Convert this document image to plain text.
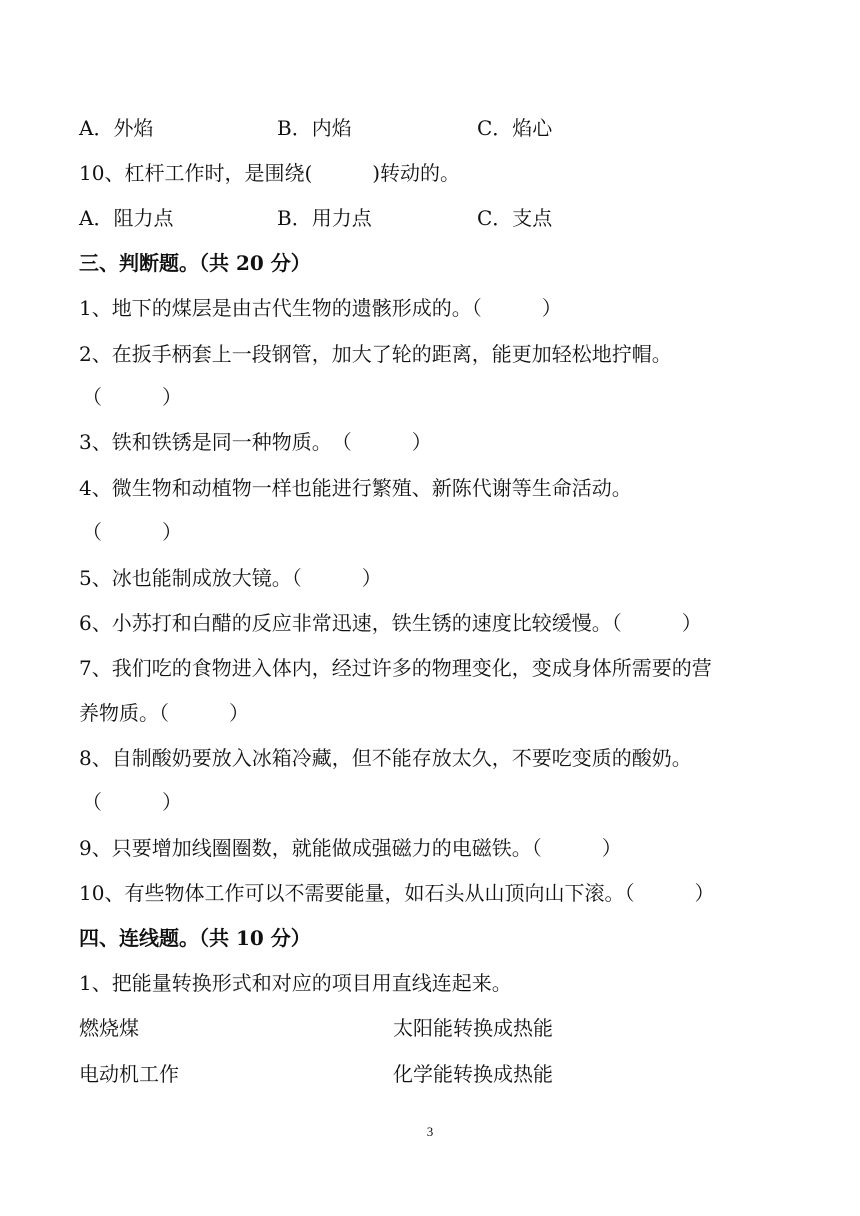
A．外焰	B．内焰	C．焰心
10、杠杆工作时，是围绕(　　　)转动的。
A．阻力点	B．用力点	C．支点
三、判断题。（共 20 分）
1、地下的煤层是由古代生物的遗骸形成的。（　　　）
2、在扳手柄套上一段钢管，加大了轮的距离，能更加轻松地拧帽。
（　　　）
3、铁和铁锈是同一种物质。　（　　　）
4、微生物和动植物一样也能进行繁殖、新陈代谢等生命活动。
（　　　）
5、冰也能制成放大镜。（　　　）
6、小苏打和白醋的反应非常迅速，铁生锈的速度比较缓慢。（　　　）
7、我们吃的食物进入体内，经过许多的物理变化，变成身体所需要的营
养物质。（　　　）
8、自制酸奶要放入冰箱冷藏，但不能存放太久，不要吃变质的酸奶。
（　　　）
9、只要增加线圈圈数，就能做成强磁力的电磁铁。（　　　）
10、有些物体工作可以不需要能量，如石头从山顶向山下滚。（　　　）
四、连线题。（共 10 分）
1、把能量转换形式和对应的项目用直线连起来。
燃烧煤	太阳能转换成热能
电动机工作	化学能转换成热能
3
